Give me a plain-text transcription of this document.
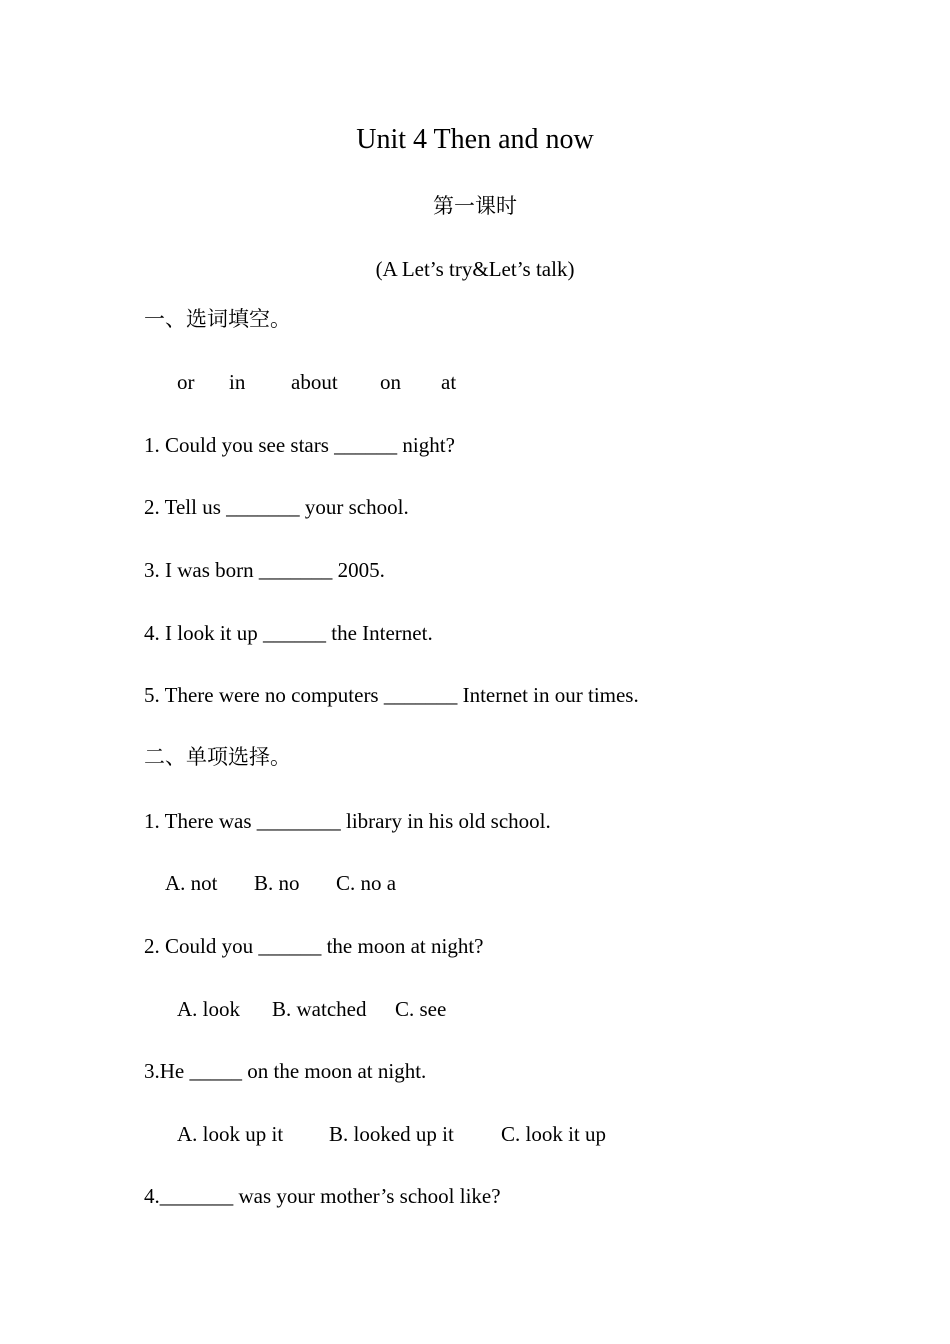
Unit 4 Then and now
第一课时
(A Let’s try&Let’s talk)
一、选词填空。
or in about on at
1. Could you see stars ______ night?
2. Tell us _______ your school.
3. I was born _______ 2005.
4. I look it up ______ the Internet.
5. There were no computers _______ Internet in our times.
二、单项选择。
1. There was ________ library in his old school.
A. not B. no C. no a
2. Could you ______ the moon at night?
A. look B. watched C. see
3.He _____ on the moon at night.
A. look up it B. looked up it C. look it up
4._______ was your mother’s school like?
